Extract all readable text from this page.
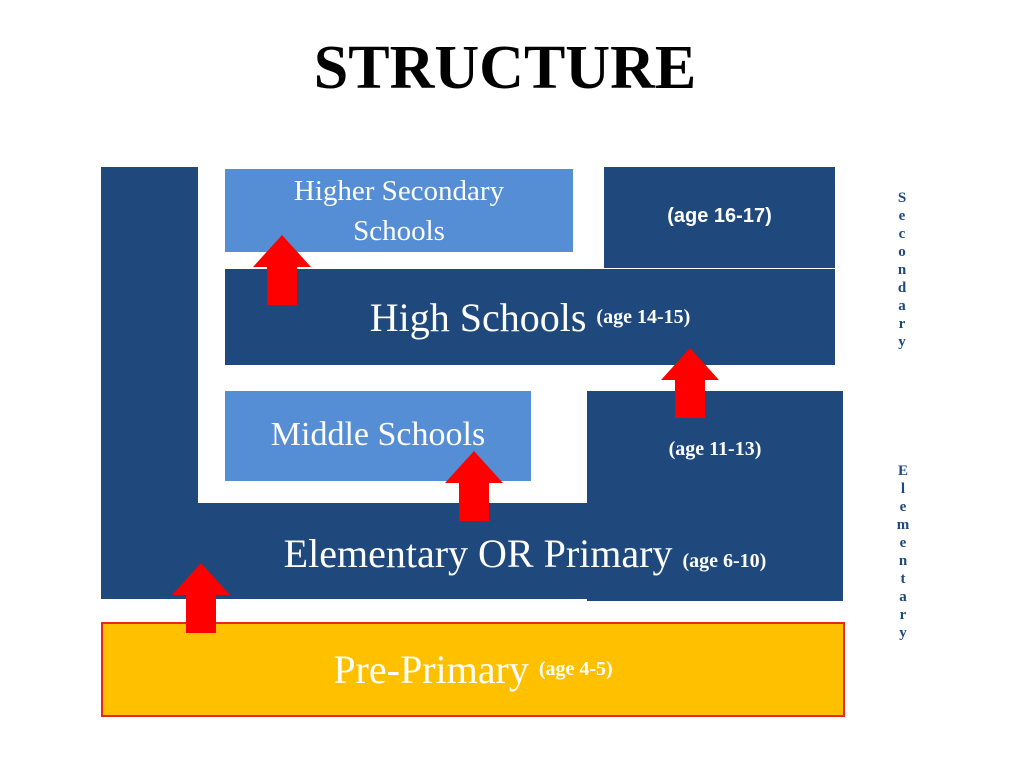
STRUCTURE
Elementary OR Primary (age 6-10)
(age 11-13)
Higher Secondary Schools	(age 16-17)
High Schools
(age 14-15)
Middle Schools
Pre-Primary
(age 4-5)
S
e
c
o
n
d
a
r
y
E
l
e
m
e
n
t
a
r
y
